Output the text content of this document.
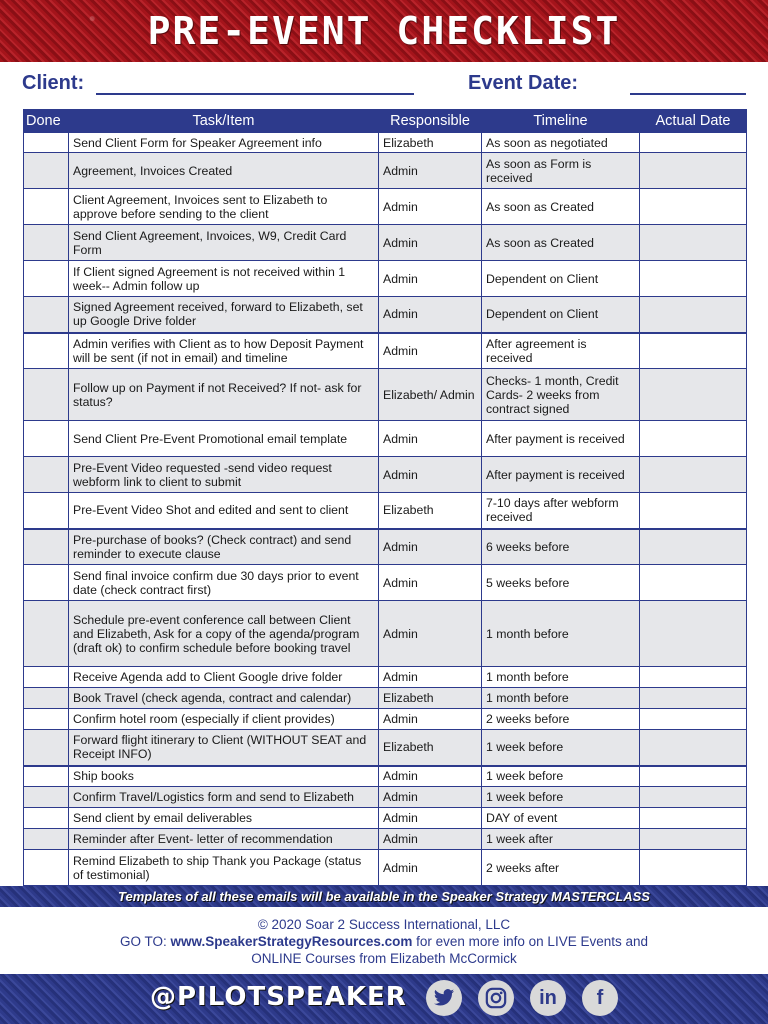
PRE-EVENT CHECKLIST
Client:	Event Date:
Done	Task/Item	Responsible	Timeline	Actual Date
	Send Client Form for Speaker Agreement info	Elizabeth	As soon as negotiated	
	Agreement, Invoices Created	Admin	As soon as Form is received	
	Client Agreement, Invoices sent to Elizabeth to approve before sending to the client	Admin	As soon as Created	
	Send Client Agreement, Invoices, W9, Credit Card Form	Admin	As soon as Created	
	If Client signed Agreement is not received within 1 week-- Admin follow up	Admin	Dependent on Client	
	Signed Agreement received, forward to Elizabeth, set up Google Drive folder	Admin	Dependent on Client	
	Admin verifies with Client as to how Deposit Payment will be sent (if not in email) and timeline	Admin	After agreement is received	
	Follow up on Payment if not Received? If not- ask for status?	Elizabeth/ Admin	Checks- 1 month, Credit Cards- 2 weeks from contract signed	
	Send Client Pre-Event Promotional email template	Admin	After payment is received	
	Pre-Event Video requested -send video request webform link to client to submit	Admin	After payment is received	
	Pre-Event Video Shot and edited and sent to client	Elizabeth	7-10 days after webform received	
	Pre-purchase of books? (Check contract) and send reminder to execute clause	Admin	6 weeks before	
	Send final invoice confirm due 30 days prior to event date (check contract first)	Admin	5 weeks before	
	Schedule pre-event conference call between Client and Elizabeth, Ask for a copy of the agenda/program (draft ok) to confirm schedule before booking travel	Admin	1 month before	
	Receive Agenda add to Client Google drive folder	Admin	1 month before	
	Book Travel (check agenda, contract and calendar)	Elizabeth	1 month before	
	Confirm hotel room (especially if client provides)	Admin	2 weeks before	
	Forward flight itinerary to Client (WITHOUT SEAT and Receipt INFO)	Elizabeth	1 week before	
	Ship books	Admin	1 week before	
	Confirm Travel/Logistics form and send to Elizabeth	Admin	1 week before	
	Send client by email deliverables	Admin	DAY of event	
	Reminder after Event- letter of recommendation	Admin	1 week after	
	Remind Elizabeth to ship Thank you Package (status of testimonial)	Admin	2 weeks after	
Templates of all these emails will be available in the Speaker Strategy MASTERCLASS
© 2020 Soar 2 Success International, LLC
GO TO: www.SpeakerStrategyResources.com for even more info on LIVE Events and
ONLINE Courses from Elizabeth McCormick
@PILOTSPEAKER	in f
